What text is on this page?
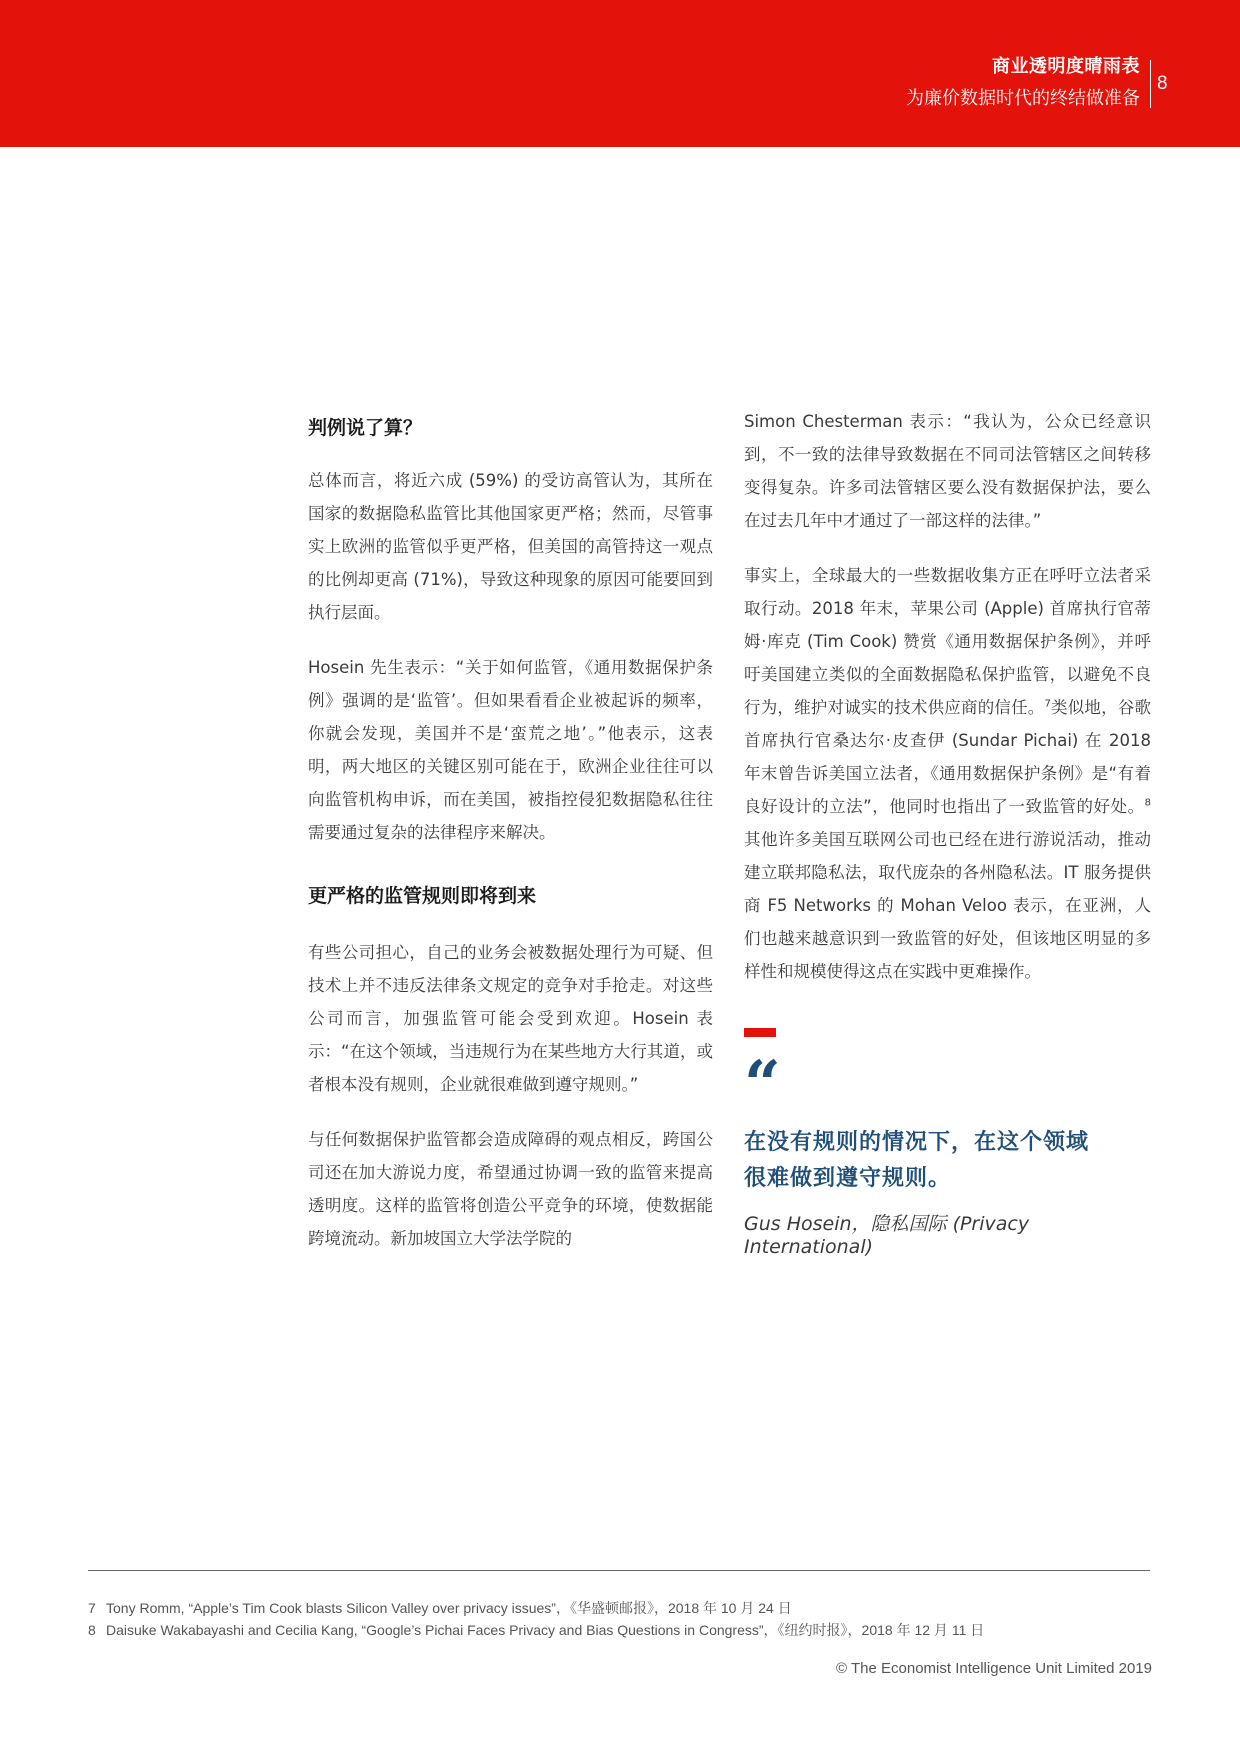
商业透明度晴雨表
为廉价数据时代的终结做准备
8
判例说了算？

总体而言，将近六成 (59%) 的受访高管认为，其所在国家的数据隐私监管比其他国家更严格；然而，尽管事实上欧洲的监管似乎更严格，但美国的高管持这一观点的比例却更高 (71%)，导致这种现象的原因可能要回到执行层面。

Hosein 先生表示：“关于如何监管，《通用数据保护条例》强调的是‘监管’。但如果看看企业被起诉的频率，你就会发现，美国并不是‘蛮荒之地’。”他表示，这表明，两大地区的关键区别可能在于，欧洲企业往往可以向监管机构申诉，而在美国，被指控侵犯数据隐私往往需要通过复杂的法律程序来解决。

更严格的监管规则即将到来

有些公司担心，自己的业务会被数据处理行为可疑、但技术上并不违反法律条文规定的竞争对手抢走。对这些公司而言，加强监管可能会受到欢迎。Hosein 表示：“在这个领域，当违规行为在某些地方大行其道，或者根本没有规则，企业就很难做到遵守规则。”

与任何数据保护监管都会造成障碍的观点相反，跨国公司还在加大游说力度，希望通过协调一致的监管来提高透明度。这样的监管将创造公平竞争的环境，使数据能跨境流动。新加坡国立大学法学院的

Simon Chesterman 表示：“我认为，公众已经意识到，不一致的法律导致数据在不同司法管辖区之间转移变得复杂。许多司法管辖区要么没有数据保护法，要么在过去几年中才通过了一部这样的法律。”

事实上，全球最大的一些数据收集方正在呼吁立法者采取行动。2018 年末，苹果公司 (Apple) 首席执行官蒂姆·库克 (Tim Cook) 赞赏《通用数据保护条例》，并呼吁美国建立类似的全面数据隐私保护监管，以避免不良行为，维护对诚实的技术供应商的信任。$^7$类似地，谷歌首席执行官桑达尔·皮查伊 (Sundar Pichai) 在 2018 年末曾告诉美国立法者，《通用数据保护条例》是“有着良好设计的立法”，他同时也指出了一致监管的好处。$^8$其他许多美国互联网公司也已经在进行游说活动，推动建立联邦隐私法，取代庞杂的各州隐私法。IT 服务提供商 F5 Networks 的 Mohan Veloo 表示，在亚洲，人们也越来越意识到一致监管的好处，但该地区明显的多样性和规模使得这点在实践中更难操作。

“
在没有规则的情况下，在这个领域
很难做到遵守规则。
Gus Hosein，隐私国际 (Privacy International)
7 Tony Romm, “Apple’s Tim Cook blasts Silicon Valley over privacy issues”，《华盛顿邮报》，2018 年 10 月 24 日
8 Daisuke Wakabayashi and Cecilia Kang, “Google’s Pichai Faces Privacy and Bias Questions in Congress”，《纽约时报》，2018 年 12 月 11 日
© The Economist Intelligence Unit Limited 2019
